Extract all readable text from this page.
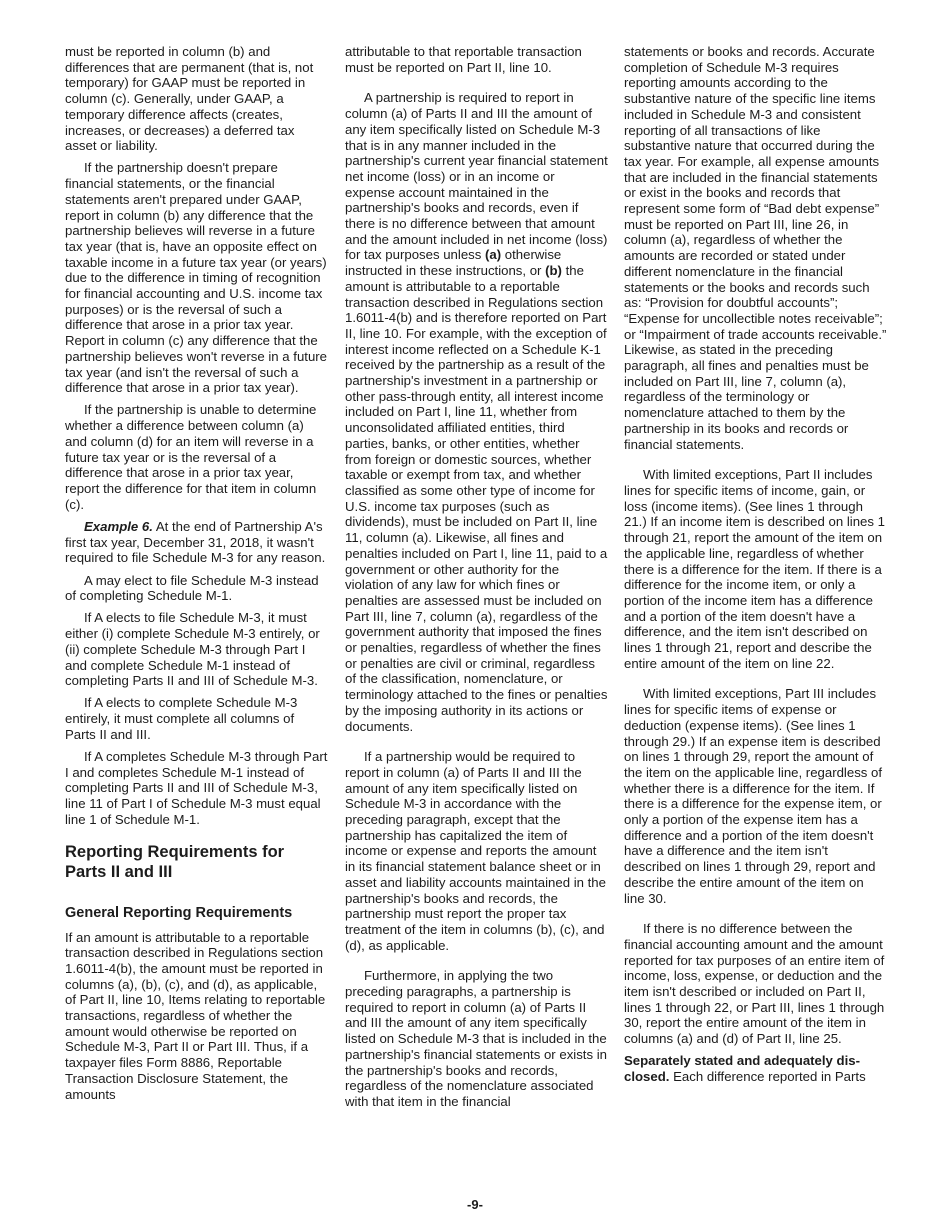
must be reported in column (b) and differences that are permanent (that is, not temporary) for GAAP must be reported in column (c). Generally, under GAAP, a temporary difference affects (creates, increases, or decreases) a deferred tax asset or liability.

If the partnership doesn't prepare financial statements, or the financial statements aren't prepared under GAAP, report in column (b) any difference that the partnership believes will reverse in a future tax year (that is, have an opposite effect on taxable income in a future tax year (or years) due to the difference in timing of recognition for financial accounting and U.S. income tax purposes) or is the reversal of such a difference that arose in a prior tax year. Report in column (c) any difference that the partnership believes won't reverse in a future tax year (and isn't the reversal of such a difference that arose in a prior tax year).

If the partnership is unable to determine whether a difference between column (a) and column (d) for an item will reverse in a future tax year or is the reversal of a difference that arose in a prior tax year, report the difference for that item in column (c).

Example 6. At the end of Partnership A's first tax year, December 31, 2018, it wasn't required to file Schedule M-3 for any reason.

A may elect to file Schedule M-3 instead of completing Schedule M-1.

If A elects to file Schedule M-3, it must either (i) complete Schedule M-3 entirely, or (ii) complete Schedule M-3 through Part I and complete Schedule M-1 instead of completing Parts II and III of Schedule M-3.

If A elects to complete Schedule M-3 entirely, it must complete all columns of Parts II and III.

If A completes Schedule M-3 through Part I and completes Schedule M-1 instead of completing Parts II and III of Schedule M-3, line 11 of Part I of Schedule M-3 must equal line 1 of Schedule M-1.

Reporting Requirements for Parts II and III
General Reporting Requirements

If an amount is attributable to a reportable transaction described in Regulations section 1.6011-4(b), the amount must be reported in columns (a), (b), (c), and (d), as applicable, of Part II, line 10, Items relating to reportable transactions, regardless of whether the amount would otherwise be reported on Schedule M-3, Part II or Part III. Thus, if a taxpayer files Form 8886, Reportable Transaction Disclosure Statement, the amounts

attributable to that reportable transaction must be reported on Part II, line 10.

A partnership is required to report in column (a) of Parts II and III the amount of any item specifically listed on Schedule M-3 that is in any manner included in the partnership's current year financial statement net income (loss) or in an income or expense account maintained in the partnership's books and records, even if there is no difference between that amount and the amount included in net income (loss) for tax purposes unless (a) otherwise instructed in these instructions, or (b) the amount is attributable to a reportable transaction described in Regulations section 1.6011-4(b) and is therefore reported on Part II, line 10. For example, with the exception of interest income reflected on a Schedule K-1 received by the partnership as a result of the partnership's investment in a partnership or other pass-through entity, all interest income included on Part I, line 11, whether from unconsolidated affiliated entities, third parties, banks, or other entities, whether from foreign or domestic sources, whether taxable or exempt from tax, and whether classified as some other type of income for U.S. income tax purposes (such as dividends), must be included on Part II, line 11, column (a). Likewise, all fines and penalties included on Part I, line 11, paid to a government or other authority for the violation of any law for which fines or penalties are assessed must be included on Part III, line 7, column (a), regardless of the government authority that imposed the fines or penalties, regardless of whether the fines or penalties are civil or criminal, regardless of the classification, nomenclature, or terminology attached to the fines or penalties by the imposing authority in its actions or documents.

If a partnership would be required to report in column (a) of Parts II and III the amount of any item specifically listed on Schedule M-3 in accordance with the preceding paragraph, except that the partnership has capitalized the item of income or expense and reports the amount in its financial statement balance sheet or in asset and liability accounts maintained in the partnership's books and records, the partnership must report the proper tax treatment of the item in columns (b), (c), and (d), as applicable.

Furthermore, in applying the two preceding paragraphs, a partnership is required to report in column (a) of Parts II and III the amount of any item specifically listed on Schedule M-3 that is included in the partnership's financial statements or exists in the partnership's books and records, regardless of the nomenclature associated with that item in the financial

statements or books and records. Accurate completion of Schedule M-3 requires reporting amounts according to the substantive nature of the specific line items included in Schedule M-3 and consistent reporting of all transactions of like substantive nature that occurred during the tax year. For example, all expense amounts that are included in the financial statements or exist in the books and records that represent some form of “Bad debt expense” must be reported on Part III, line 26, in column (a), regardless of whether the amounts are recorded or stated under different nomenclature in the financial statements or the books and records such as: “Provision for doubtful accounts”; “Expense for uncollectible notes receivable”; or “Impairment of trade accounts receivable.” Likewise, as stated in the preceding paragraph, all fines and penalties must be included on Part III, line 7, column (a), regardless of the terminology or nomenclature attached to them by the partnership in its books and records or financial statements.

With limited exceptions, Part II includes lines for specific items of income, gain, or loss (income items). (See lines 1 through 21.) If an income item is described on lines 1 through 21, report the amount of the item on the applicable line, regardless of whether there is a difference for the item. If there is a difference for the income item, or only a portion of the income item has a difference and a portion of the item doesn't have a difference, and the item isn't described on lines 1 through 21, report and describe the entire amount of the item on line 22.

With limited exceptions, Part III includes lines for specific items of expense or deduction (expense items). (See lines 1 through 29.) If an expense item is described on lines 1 through 29, report the amount of the item on the applicable line, regardless of whether there is a difference for the item. If there is a difference for the expense item, or only a portion of the expense item has a difference and a portion of the item doesn't have a difference and the item isn't described on lines 1 through 29, report and describe the entire amount of the item on line 30.

If there is no difference between the financial accounting amount and the amount reported for tax purposes of an entire item of income, loss, expense, or deduction and the item isn't described or included on Part II, lines 1 through 22, or Part III, lines 1 through 30, report the entire amount of the item in columns (a) and (d) of Part II, line 25.

Separately stated and adequately dis-closed. Each difference reported in Parts

-9-
